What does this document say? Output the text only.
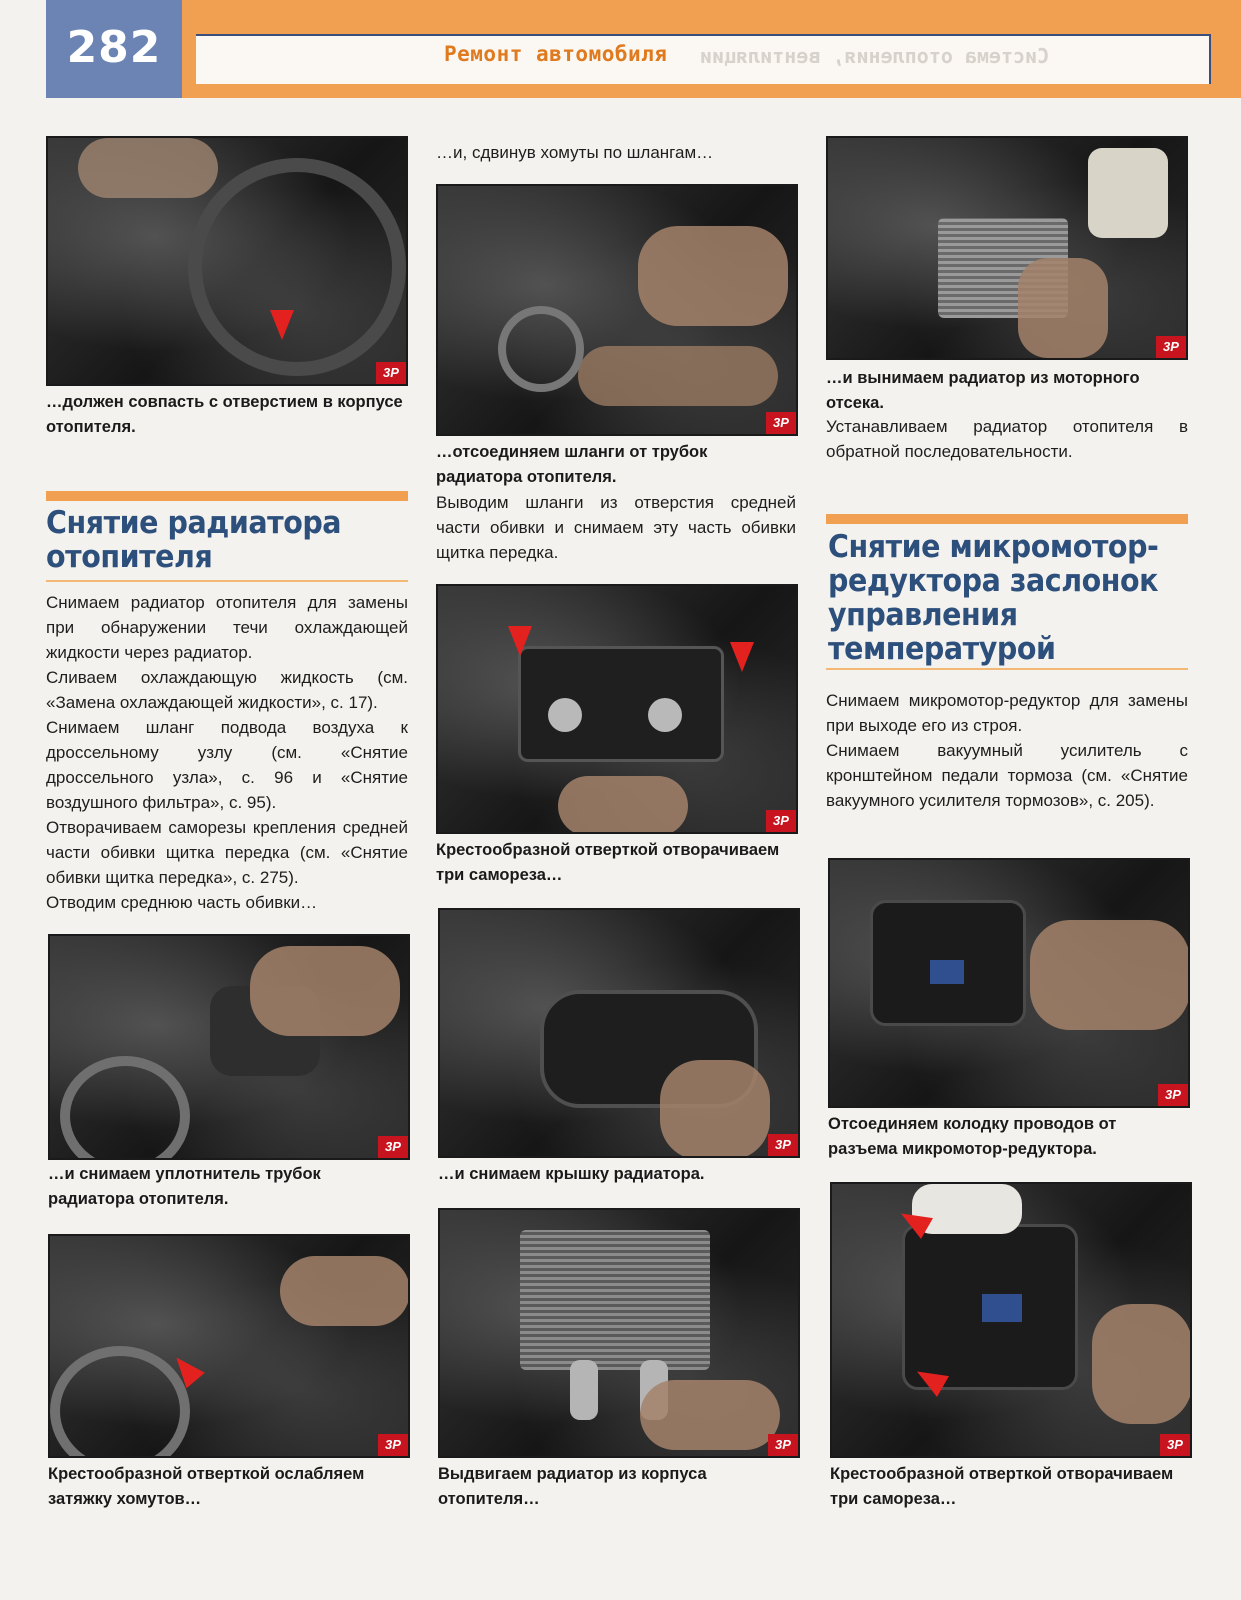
282	Ремонт автомобиля Система отопления, вентиляции
3Р
…должен совпасть с отверстием в корпусе отопителя.
Снятие радиатора
отопителя

Снимаем радиатор отопителя для замены при обнаружении течи охлаждающей жидкости через радиатор.

Сливаем охлаждающую жидкость (см. «Замена охлаждающей жидкости», с. 17).

Снимаем шланг подвода воздуха к дроссельному узлу (см. «Снятие дроссельного узла», с. 96 и «Снятие воздушного фильтра», с. 95).

Отворачиваем саморезы крепления средней части обивки щитка передка (см. «Снятие обивки щитка передка», с. 275).

Отводим среднюю часть обивки…

3Р
…и снимаем уплотнитель трубок радиатора отопителя.
3Р
Крестообразной отверткой ослабляем затяжку хомутов…
…и, сдвинув хомуты по шлангам…
3Р
…отсоединяем шланги от трубок радиатора отопителя.
Выводим шланги из отверстия средней части обивки и снимаем эту часть обивки щитка передка.
3Р
Крестообразной отверткой отворачиваем три самореза…
3Р
…и снимаем крышку радиатора.
3Р
Выдвигаем радиатор из корпуса отопителя…
3Р
…и вынимаем радиатор из моторного отсека.
Устанавливаем радиатор отопителя в обратной последовательности.
Снятие микромотор-
редуктора заслонок
управления
температурой

Снимаем микромотор-редуктор для замены при выходе его из строя.

Снимаем вакуумный усилитель с кронштейном педали тормоза (см. «Снятие вакуумного усилителя тормозов», с. 205).

3Р
Отсоединяем колодку проводов от разъема микромотор-редуктора.
3Р
Крестообразной отверткой отворачиваем три самореза…
